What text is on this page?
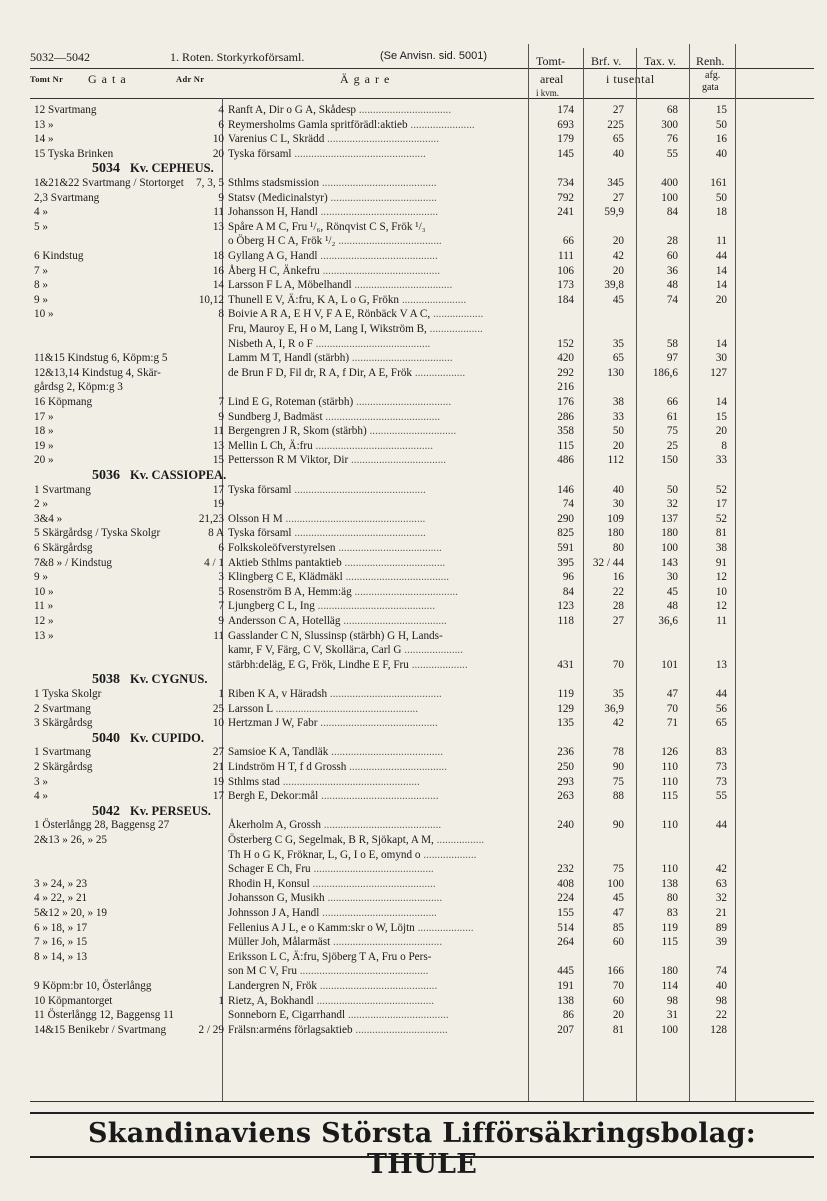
5032—5042	1. Roten. Storkyrkoförsaml.	(Se Anvisn. sid. 5001)
Tomt Nr G a t a	Adr Nr	Ä g a r e
Tomt-
areal
i kvm.
Brf. v. Tax. v.
i tusental
Renh.
afg.
gata
12 Svartmang	4 Ranft A, Dir o G A, Skådesp .................................	174	27	68	15
13 »	6 Reymersholms Gamla spritförädl:aktieb .......................	693	225	300	50
14 »	10 Varenius C L, Skrädd ........................................	179	65	76	16
15 Tyska Brinken	20 Tyska församl ...............................................	145	40	55	40
5034 Kv. CEPHEUS.
1&21&22 Svartmang / Stortorget	7, 3, 5 Sthlms stadsmission .........................................	734	345	400	161
2,3 Svartmang	9 Statsv (Medicinalstyr) ......................................	792	27	100	50
4 »	11 Johansson H, Handl ..........................................	241	59,9	84	18
5 »	13 Spåre A M C, Fru ¹/₆, Rönqvist C S, Frök ¹/₃
o Öberg H C A, Frök ¹/₂ .....................................	66	20	28	11
6 Kindstug	18 Gyllang A G, Handl ..........................................	111	42	60	44
7 »	16 Åberg H C, Änkefru ..........................................	106	20	36	14
8 »	14 Larsson F L A, Möbelhandl ...................................	173	39,8	48	14
9 »	10,12 Thunell E V, Ä:fru, K A, L o G, Frökn .......................	184	45	74	20
10 »	8 Boivie A R A, E H V, F A E, Rönbäck V A C, ..................
Fru, Mauroy E, H o M, Lang I, Wikström B, ...................
Nisbeth A, I, R o F .........................................	152	35	58	14
11&15 Kindstug 6, Köpm:g 5	Lamm M T, Handl (stärbh) ....................................	420	65	97	30
12&13,14 Kindstug 4, Skär-	de Brun F D, Fil dr, R A, f Dir, A E, Frök ..................	292	130	186,6	127
gårdsg 2, Köpm:g 3	216
16 Köpmang	7 Lind E G, Roteman (stärbh) ..................................	176	38	66	14
17 »	9 Sundberg J, Badmäst .........................................	286	33	61	15
18 »	11 Bergengren J R, Skom (stärbh) ...............................	358	50	75	20
19 »	13 Mellin L Ch, Ä:fru ..........................................	115	20	25	8
20 »	15 Pettersson R M Viktor, Dir ..................................	486	112	150	33
5036 Kv. CASSIOPEA.
1 Svartmang	17 Tyska församl ...............................................	146	40	50	52
2 »	19	74	30	32	17
3&4 »	21,23 Olsson H M ..................................................	290	109	137	52
5 Skärgårdsg / Tyska Skolgr	8 A Tyska församl ...............................................	825	180	180	81
6 Skärgårdsg	6 Folkskoleöfverstyrelsen .....................................	591	80	100	38
7&8 » / Kindstug	4 / 1 Aktieb Sthlms pantaktieb ....................................	395	32 / 44	143	91
9 »	3 Klingberg C E, Klädmäkl .....................................	96	16	30	12
10 »	5 Rosenström B A, Hemm:äg .....................................	84	22	45	10
11 »	7 Ljungberg C L, Ing ..........................................	123	28	48	12
12 »	9 Andersson C A, Hotelläg .....................................	118	27	36,6	11
13 »	11 Gasslander C N, Slussinsp (stärbh) G H, Lands-
kamr, F V, Färg, C V, Skollär:a, Carl G .....................
stärbh:deläg, E G, Frök, Lindhe E F, Fru ....................	431	70	101	13
5038 Kv. CYGNUS.
1 Tyska Skolgr	1 Riben K A, v Häradsh ........................................	119	35	47	44
2 Svartmang	25 Larsson L ...................................................	129	36,9	70	56
3 Skärgårdsg	10 Hertzman J W, Fabr ..........................................	135	42	71	65
5040 Kv. CUPIDO.
1 Svartmang	27 Samsioe K A, Tandläk ........................................	236	78	126	83
2 Skärgårdsg	21 Lindström H T, f d Grossh ...................................	250	90	110	73
3 »	19 Sthlms stad .................................................	293	75	110	73
4 »	17 Bergh E, Dekor:mål ..........................................	263	88	115	55
5042 Kv. PERSEUS.
1 Österlångg 28, Baggensg 27	Åkerholm A, Grossh ..........................................	240	90	110	44
2&13 » 26, » 25	Österberg C G, Segelmak, B R, Sjökapt, A M, .................
Th H o G K, Fröknar, L, G, I o E, omynd o ...................
Schager E Ch, Fru ...........................................	232	75	110	42
3 » 24, » 23	Rhodin H, Konsul ............................................	408	100	138	63
4 » 22, » 21	Johansson G, Musikh .........................................	224	45	80	32
5&12 » 20, » 19	Johnsson J A, Handl .........................................	155	47	83	21
6 » 18, » 17	Fellenius A J L, e o Kamm:skr o W, Löjtn ....................	514	85	119	89
7 » 16, » 15	Müller Joh, Målarmäst .......................................	264	60	115	39
8 » 14, » 13	Eriksson L C, Ä:fru, Sjöberg T A, Fru o Pers-
son M C V, Fru ..............................................	445	166	180	74
9 Köpm:br 10, Österlångg	Landergren N, Frök ..........................................	191	70	114	40
10 Köpmantorget	1 Rietz, A, Bokhandl ..........................................	138	60	98	98
11 Österlångg 12, Baggensg 11	Sonneborn E, Cigarrhandl ....................................	86	20	31	22
14&15 Benikebr / Svartmang	2 / 29 Frälsn:arméns förlagsaktieb .................................	207	81	100	128
Skandinaviens Största Lifförsäkringsbolag: THULE
